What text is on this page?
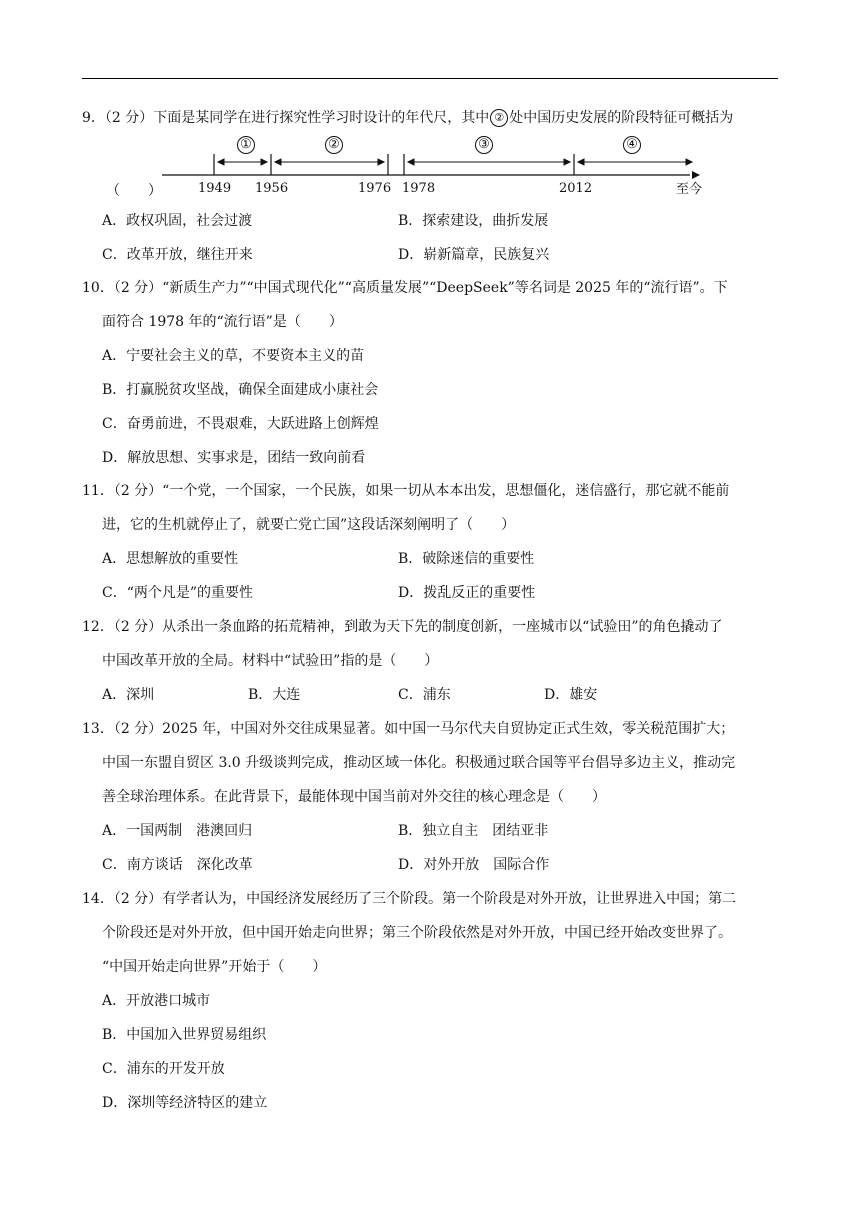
9．（2 分）下面是某同学在进行探究性学习时设计的年代尺，其中 ② 处中国历史发展的阶段特征可概括为
①	②	③	④
1949 1956	1976 1978	2012	至今
（　　）
A．政权巩固，社会过渡	B．探索建设，曲折发展
C．改革开放，继往开来	D．崭新篇章，民族复兴
10．（2 分）“新质生产力”“中国式现代化”“高质量发展”“DeepSeek”等名词是 2025 年的“流行语”。下
面符合 1978 年的“流行语”是（　　）
A．宁要社会主义的草，不要资本主义的苗
B．打赢脱贫攻坚战，确保全面建成小康社会
C．奋勇前进，不畏艰难，大跃进路上创辉煌
D．解放思想、实事求是，团结一致向前看
11．（2 分）“一个党，一个国家，一个民族，如果一切从本本出发，思想僵化，迷信盛行，那它就不能前
进，它的生机就停止了，就要亡党亡国”这段话深刻阐明了（　　）
A．思想解放的重要性	B．破除迷信的重要性
C．“两个凡是”的重要性	D．拨乱反正的重要性
12．（2 分）从杀出一条血路的拓荒精神，到敢为天下先的制度创新，一座城市以“试验田”的角色撬动了
中国改革开放的全局。材料中“试验田”指的是（　　）
A．深圳	B．大连	C．浦东	D．雄安
13．（2 分）2025 年，中国对外交往成果显著。如中国一马尔代夫自贸协定正式生效，零关税范围扩大；
中国一东盟自贸区 3.0 升级谈判完成，推动区域一体化。积极通过联合国等平台倡导多边主义，推动完
善全球治理体系。在此背景下，最能体现中国当前对外交往的核心理念是（　　）
A．一国两制　港澳回归	B．独立自主　团结亚非
C．南方谈话　深化改革	D．对外开放　国际合作
14．（2 分）有学者认为，中国经济发展经历了三个阶段。第一个阶段是对外开放，让世界进入中国；第二
个阶段还是对外开放，但中国开始走向世界；第三个阶段依然是对外开放，中国已经开始改变世界了。
“中国开始走向世界”开始于（　　）
A．开放港口城市
B．中国加入世界贸易组织
C．浦东的开发开放
D．深圳等经济特区的建立
